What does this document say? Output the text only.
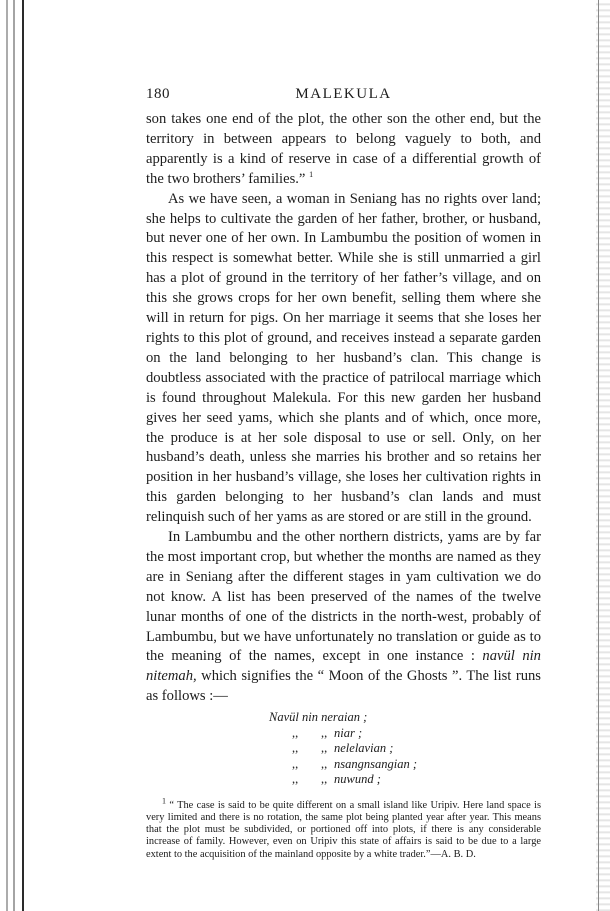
180	MALEKULA

son takes one end of the plot, the other son the other end, but the territory in between appears to belong vaguely to both, and apparently is a kind of reserve in case of a differential growth of the two brothers’ families.” $^1$

As we have seen, a woman in Seniang has no rights over land; she helps to cultivate the garden of her father, brother, or husband, but never one of her own. In Lambumbu the position of women in this respect is somewhat better. While she is still unmarried a girl has a plot of ground in the territory of her father’s village, and on this she grows crops for her own benefit, selling them where she will in return for pigs. On her marriage it seems that she loses her rights to this plot of ground, and receives instead a separate garden on the land belonging to her husband’s clan. This change is doubtless associated with the practice of patrilocal marriage which is found throughout Malekula. For this new garden her husband gives her seed yams, which she plants and of which, once more, the produce is at her sole disposal to use or sell. Only, on her husband’s death, unless she marries his brother and so retains her position in her husband’s village, she loses her cultivation rights in this garden belonging to her husband’s clan lands and must relinquish such of her yams as are stored or are still in the ground.

In Lambumbu and the other northern districts, yams are by far the most important crop, but whether the months are named as they are in Seniang after the different stages in yam cultivation we do not know. A list has been preserved of the names of the twelve lunar months of one of the districts in the north-west, probably of Lambumbu, but we have unfortunately no translation or guide as to the meaning of the names, except in one instance : navül nin nitemah, which signifies the “ Moon of the Ghosts ”. The list runs as follows :—

Navül nin neraian ;
,, ,, niar ;
,, ,, nelelavian ;
,, ,, nsangnsangian ;
,, ,, nuwund ;
$^1$ “ The case is said to be quite different on a small island like Uripiv. Here land space is very limited and there is no rotation, the same plot being planted year after year. This means that the plot must be subdivided, or portioned off into plots, if there is any considerable increase of family. However, even on Uripiv this state of affairs is said to be due to a large extent to the acquisition of the mainland opposite by a white trader.”—A. B. D.
